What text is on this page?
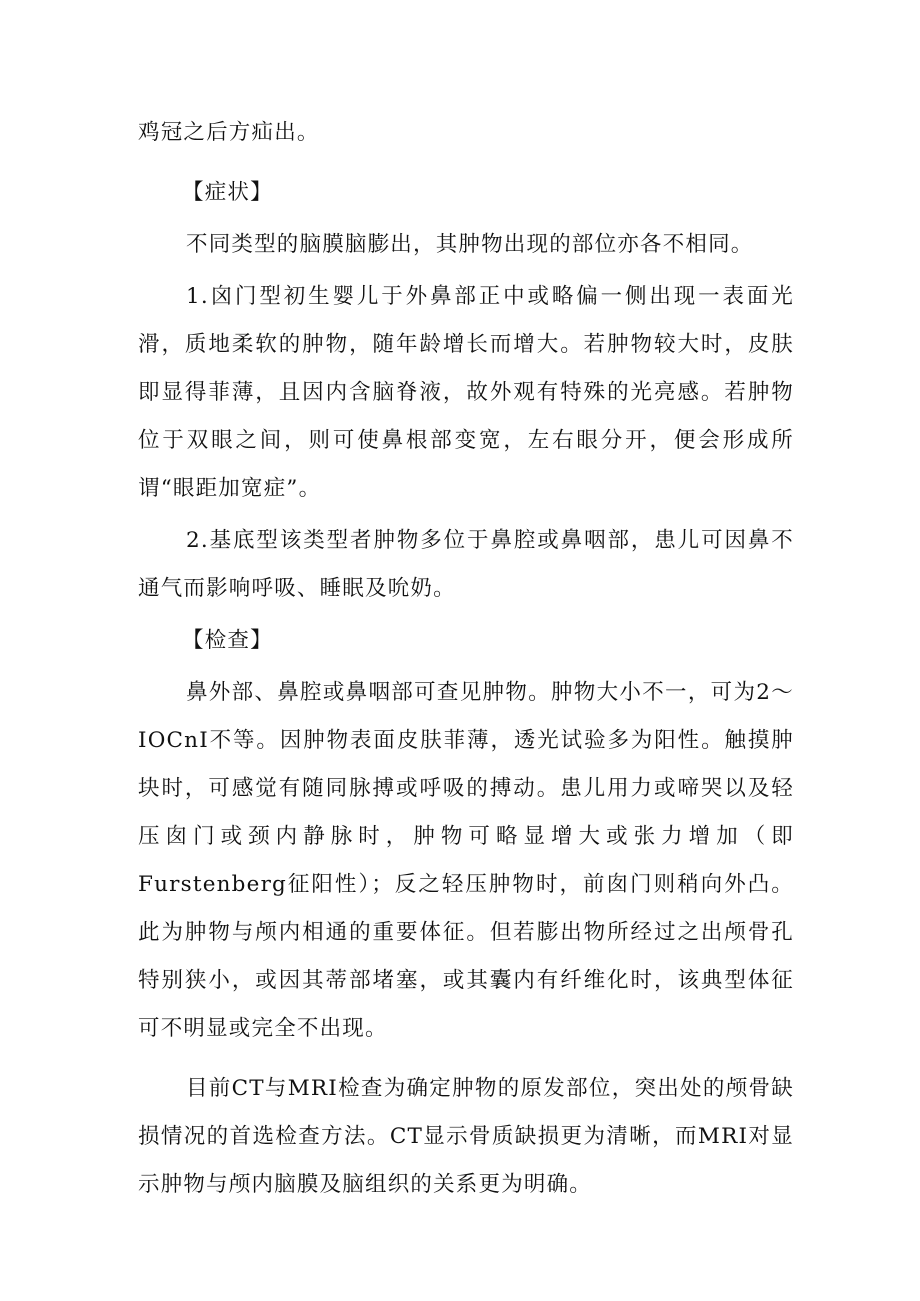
鸡冠之后方疝出。

【症状】

不同类型的脑膜脑膨出，其肿物出现的部位亦各不相同。

1.囟门型初生婴儿于外鼻部正中或略偏一侧出现一表面光滑，质地柔软的肿物，随年龄增长而增大。若肿物较大时，皮肤即显得菲薄，且因内含脑脊液，故外观有特殊的光亮感。若肿物位于双眼之间，则可使鼻根部变宽，左右眼分开，便会形成所谓“眼距加宽症”。

2.基底型该类型者肿物多位于鼻腔或鼻咽部，患儿可因鼻不通气而影响呼吸、睡眠及吮奶。

【检查】

鼻外部、鼻腔或鼻咽部可查见肿物。肿物大小不一，可为2～IOCnI不等。因肿物表面皮肤菲薄，透光试验多为阳性。触摸肿块时，可感觉有随同脉搏或呼吸的搏动。患儿用力或啼哭以及轻压囱门或颈内静脉时，肿物可略显增大或张力增加（即Furstenberg征阳性）；反之轻压肿物时，前囱门则稍向外凸。此为肿物与颅内相通的重要体征。但若膨出物所经过之出颅骨孔特别狭小，或因其蒂部堵塞，或其囊内有纤维化时，该典型体征可不明显或完全不出现。

目前CT与MRI检查为确定肿物的原发部位，突出处的颅骨缺损情况的首选检查方法。CT显示骨质缺损更为清晰，而MRI对显示肿物与颅内脑膜及脑组织的关系更为明确。
